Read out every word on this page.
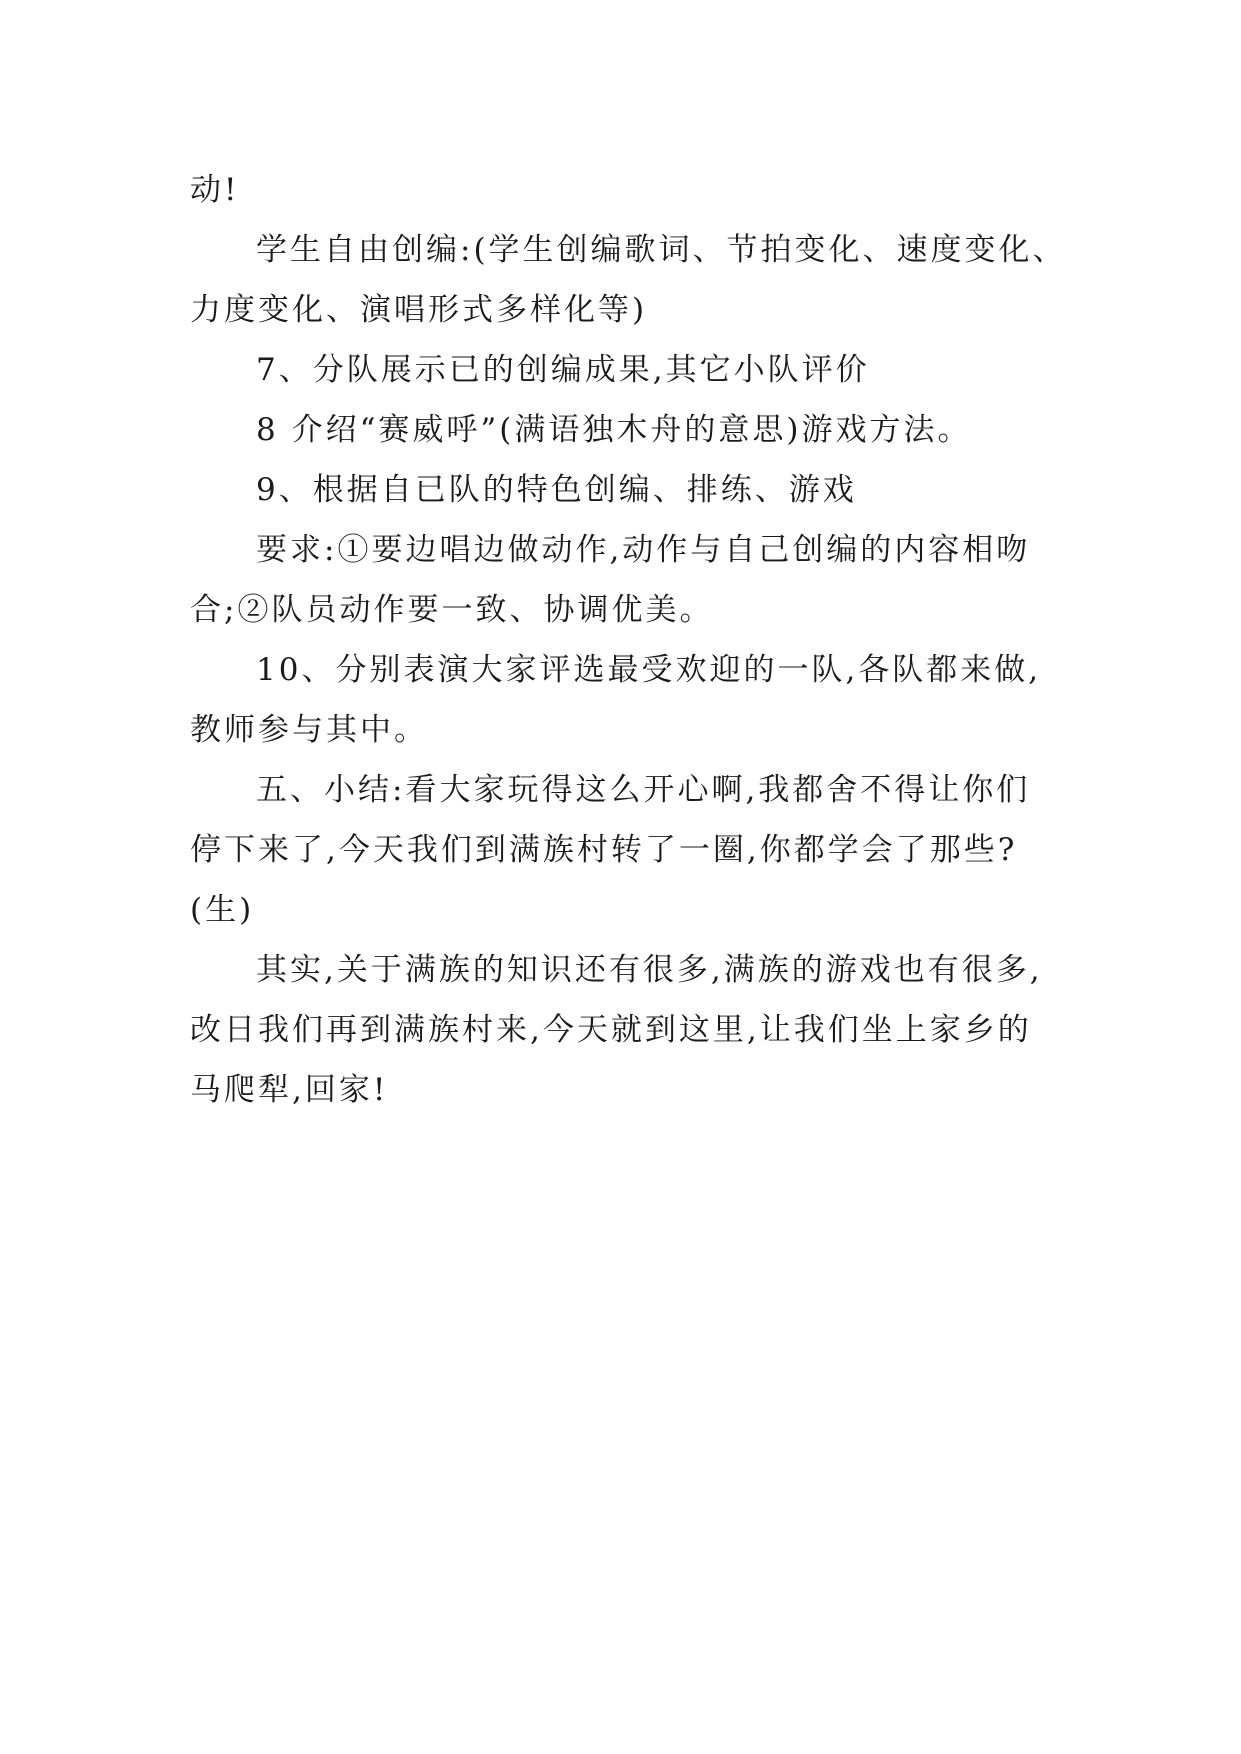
动!
学生自由创编:(学生创编歌词、节拍变化、速度变化、
力度变化、演唱形式多样化等)
7、分队展示已的创编成果,其它小队评价
8 介绍“赛威呼”(满语独木舟的意思)游戏方法。
9、根据自已队的特色创编、排练、游戏
要求:①要边唱边做动作,动作与自己创编的内容相吻
合;②队员动作要一致、协调优美。
10、分别表演大家评选最受欢迎的一队,各队都来做,
教师参与其中。
五、小结:看大家玩得这么开心啊,我都舍不得让你们
停下来了,今天我们到满族村转了一圈,你都学会了那些?
(生)
其实,关于满族的知识还有很多,满族的游戏也有很多,
改日我们再到满族村来,今天就到这里,让我们坐上家乡的
马爬犁,回家!
